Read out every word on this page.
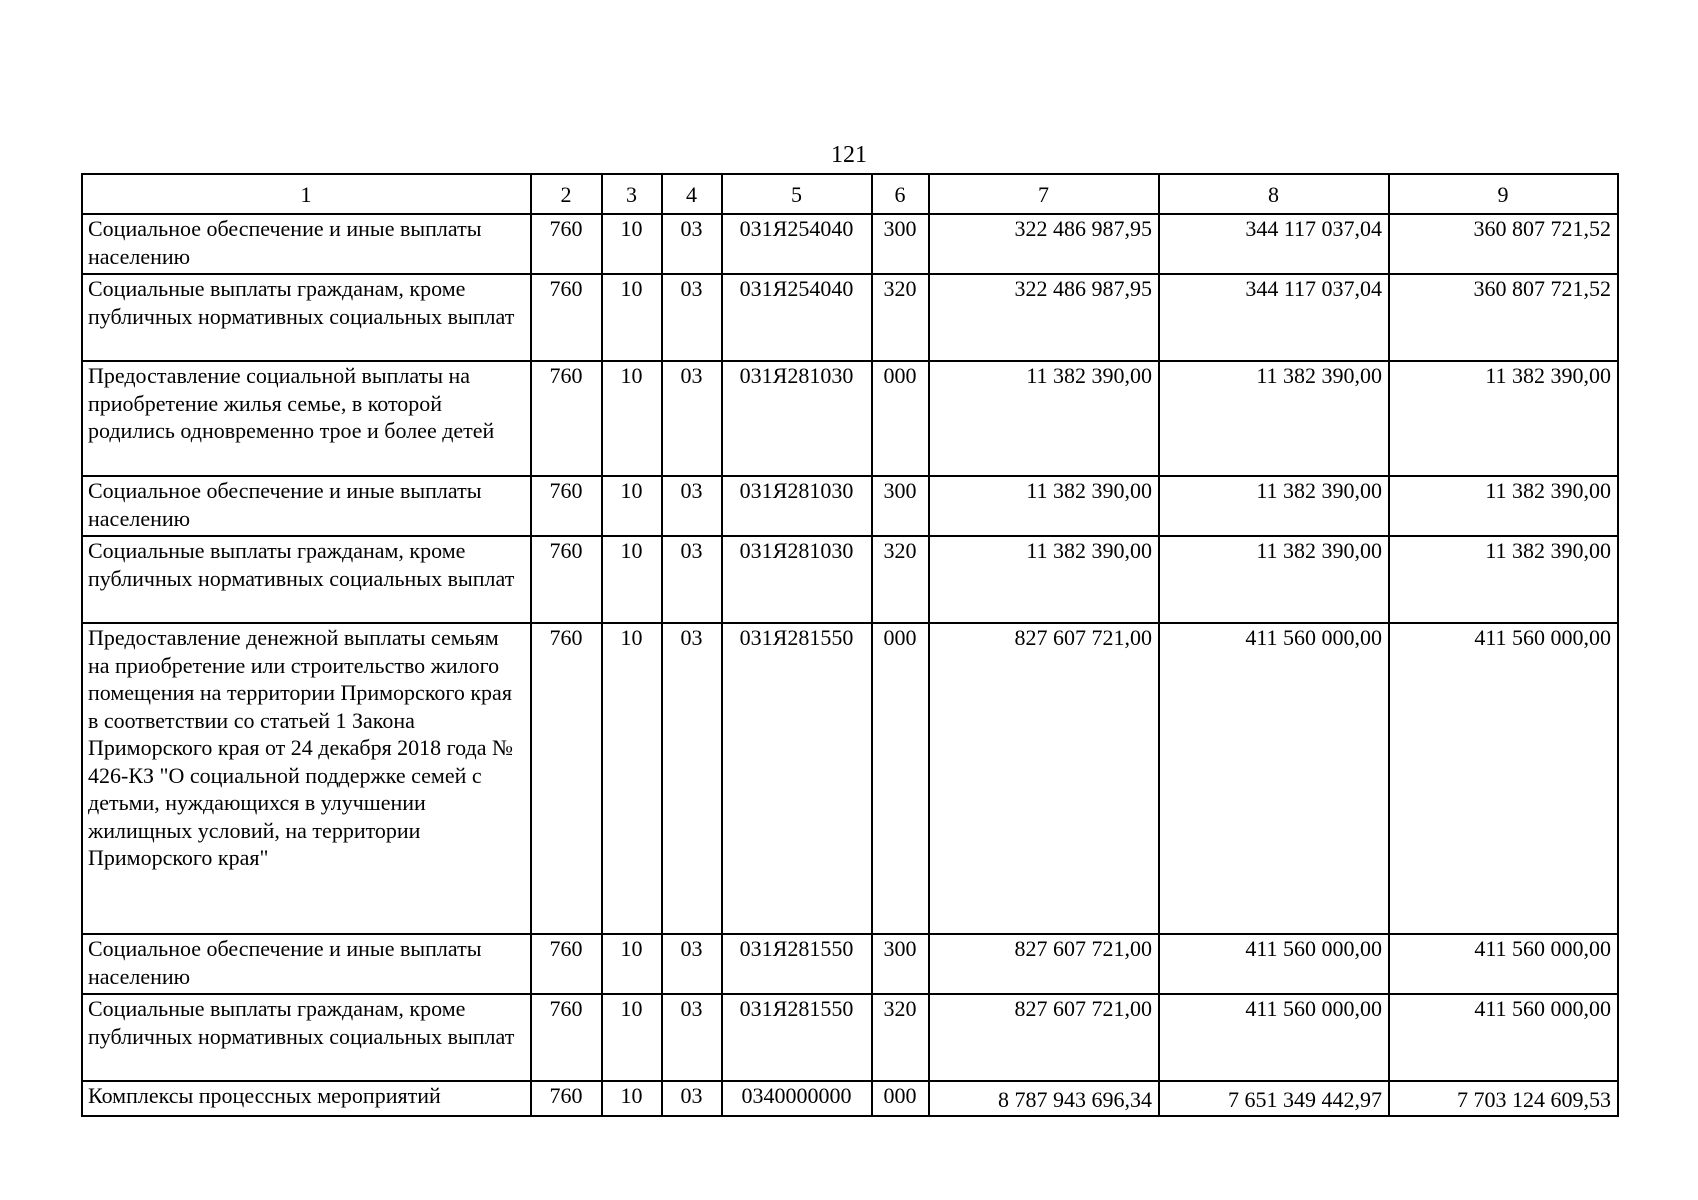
121
1	2	3	4	5	6	7	8	9
Социальное обеспечение и иные выплаты населению	760	10	03	031Я254040	300	322 486 987,95	344 117 037,04	360 807 721,52
Социальные выплаты гражданам, кроме публичных нормативных социальных выплат	760	10	03	031Я254040	320	322 486 987,95	344 117 037,04	360 807 721,52
Предоставление социальной выплаты на приобретение жилья семье, в которой родились одновременно трое и более детей	760	10	03	031Я281030	000	11 382 390,00	11 382 390,00	11 382 390,00
Социальное обеспечение и иные выплаты населению	760	10	03	031Я281030	300	11 382 390,00	11 382 390,00	11 382 390,00
Социальные выплаты гражданам, кроме публичных нормативных социальных выплат	760	10	03	031Я281030	320	11 382 390,00	11 382 390,00	11 382 390,00
Предоставление денежной выплаты семьям на приобретение или строительство жилого помещения на территории Приморского края в соответствии со статьей 1 Закона Приморского края от 24 декабря 2018 года № 426-КЗ "О социальной поддержке семей с детьми, нуждающихся в улучшении жилищных условий, на территории Приморского края"	760	10	03	031Я281550	000	827 607 721,00	411 560 000,00	411 560 000,00
Социальное обеспечение и иные выплаты населению	760	10	03	031Я281550	300	827 607 721,00	411 560 000,00	411 560 000,00
Социальные выплаты гражданам, кроме публичных нормативных социальных выплат	760	10	03	031Я281550	320	827 607 721,00	411 560 000,00	411 560 000,00
Комплексы процессных мероприятий	760	10	03	0340000000	000	8 787 943 696,34	7 651 349 442,97	7 703 124 609,53
